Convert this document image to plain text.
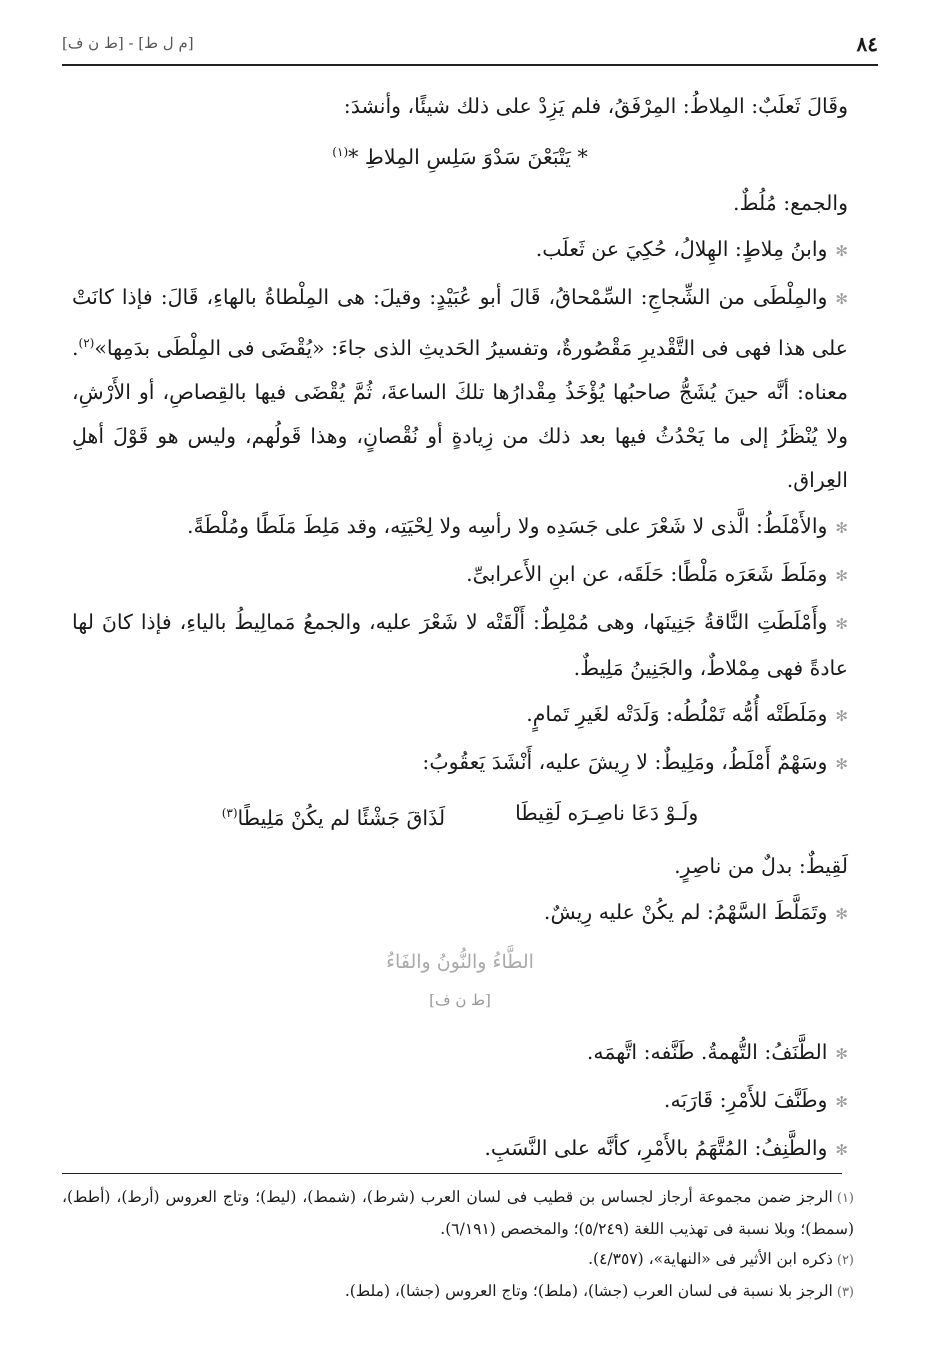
٨٤
[م ل ط] - [ط ن ف]

وقَالَ ثَعلَبٌ: المِلاطُ: المِرْفَقُ، فلم يَزِدْ على ذلك شيئًا، وأنشدَ:

* يَتْبَعْنَ سَدْوَ سَلِسِ المِلاطِ *$^{(١)}$

والجمع: مُلُطٌ.

✻وابنُ مِلاطٍ: الهِلالُ، حُكِيَ عن ثَعلَب.

✻والمِلْطَى من الشِّجاجِ: السِّمْحاقُ، قَالَ أبو عُبَيْدٍ: وقيلَ: هى المِلْطاةُ بالهاءِ، قَالَ: فإذا كانَتْ على هذا فهى فى التَّقْديرِ مَقْصُورةٌ، وتفسيرُ الحَديثِ الذى جاءَ: «يُقْضَى فى المِلْطَى بدَمِها»$^{(٢)}$. معناه: أنَّه حينَ يُشَجُّ صاحبُها يُؤْخَذُ مِقْدارُها تلكَ الساعةَ، ثُمَّ يُقْضَى فيها بالقِصاصِ، أو الأَرْشِ، ولا يُنْظَرُ إلى ما يَحْدُثُ فيها بعد ذلك من زِيادةٍ أو نُقْصانٍ، وهذا قَولُهم، وليس هو قَوْلَ أهلِ العِراق.

✻والأَمْلَطُ: الَّذى لا شَعْرَ على جَسَدِه ولا رأسِه ولا لِحْيَتِه، وقد مَلِطَ مَلَطًا ومُلْطَةً.

✻ومَلَطَ شَعَرَه مَلْطًا: حَلَقَه، عن ابنِ الأَعرابىِّ.

✻وأَمْلَطَتِ النَّاقةُ جَنِينَها، وهى مُمْلِطٌ: أَلْقَتْه لا شَعْرَ عليه، والجمعُ مَمالِيطُ بالياءِ، فإذا كانَ لها عادةً فهى مِمْلاطٌ، والجَنِينُ مَلِيطٌ.

✻ومَلَطَتْه أُمُّه تَمْلُطُه: وَلَدَتْه لغَيرِ تَمامٍ.

✻وسَهْمٌ أَمْلَطُ، ومَلِيطٌ: لا رِيشَ عليه، أَنْشَدَ يَعقُوبُ:

ولَـوْ دَعَا ناصِـرَه لَقِيطَا
لَذَاقَ جَشْئًا لم يكُنْ مَلِيطًا$^{(٣)}$

لَقِيطٌ: بدلٌ من ناصِرٍ.

✻وتَمَلَّطَ السَّهْمُ: لم يكُنْ عليه رِيشٌ.

الطَّاءُ والنُّونُ والفَاءُ
[ط ن ف]

✻الطَّنَفُ: التُّهمةُ. طَنَّفه: اتَّهمَه.

✻وطَنَّفَ للأَمْرِ: قَارَبَه.

✻والطَّنِفُ: المُتَّهَمُ بالأَمْرِ، كأنَّه على النَّسَبِ.

(١)الرجز ضمن مجموعة أرجاز لجساس بن قطيب فى لسان العرب (شرط)، (شمط)، (ليط)؛ وتاج العروس (أرط)، (أطط)، (سمط)؛ وبلا نسبة فى تهذيب اللغة (٥/٢٤٩)؛ والمخصص (٦/١٩١).

(٢)ذكره ابن الأثير فى «النهاية»، (٤/٣٥٧).

(٣)الرجز بلا نسبة فى لسان العرب (جشا)، (ملط)؛ وتاج العروس (جشا)، (ملط).
